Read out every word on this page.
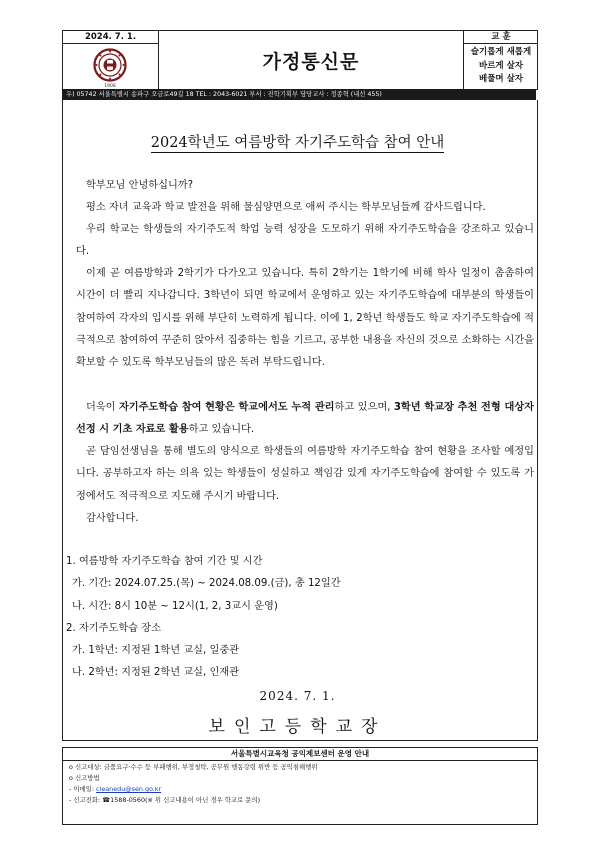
2024. 7. 1.
1908
가정통신문
교 훈
슬기롭게 새롭게
바르게 살자
베풀며 살자
우) 05742 서울특별시 송파구 오금로49길 18 TEL : 2043-6021 부서 : 진학기획부 담당교사 : 정종혁 (내선 455)
2024학년도 여름방학 자기주도학습 참여 안내

학부모님 안녕하십니까?

평소 자녀 교육과 학교 발전을 위해 물심양면으로 애써 주시는 학부모님들께 감사드립니다.

우리 학교는 학생들의 자기주도적 학업 능력 성장을 도모하기 위해 자기주도학습을 강조하고 있습니다.

이제 곧 여름방학과 2학기가 다가오고 있습니다. 특히 2학기는 1학기에 비해 학사 일정이 촘촘하여 시간이 더 빨리 지나갑니다. 3학년이 되면 학교에서 운영하고 있는 자기주도학습에 대부분의 학생들이 참여하여 각자의 입시를 위해 부단히 노력하게 됩니다. 이에 1, 2학년 학생들도 학교 자기주도학습에 적극적으로 참여하여 꾸준히 앉아서 집중하는 힘을 기르고, 공부한 내용을 자신의 것으로 소화하는 시간을 확보할 수 있도록 학부모님들의 많은 독려 부탁드립니다.

더욱이 자기주도학습 참여 현황은 학교에서도 누적 관리하고 있으며, 3학년 학교장 추천 전형 대상자 선정 시 기초 자료로 활용하고 있습니다.

곧 담임선생님을 통해 별도의 양식으로 학생들의 여름방학 자기주도학습 참여 현황을 조사할 예정입니다. 공부하고자 하는 의욕 있는 학생들이 성실하고 책임감 있게 자기주도학습에 참여할 수 있도록 가정에서도 적극적으로 지도해 주시기 바랍니다.

감사합니다.

1. 여름방학 자기주도학습 참여 기간 및 시간
가. 기간: 2024.07.25.(목) ~ 2024.08.09.(금), 총 12일간
나. 시간: 8시 10분 ~ 12시(1, 2, 3교시 운영)
2. 자기주도학습 장소
가. 1학년: 지정된 1학년 교실, 일중관
나. 2학년: 지정된 2학년 교실, 인재관
2024. 7. 1.
보인고등학교장
서울특별시교육청 공익제보센터 운영 안내
o 신고대상: 금품요구·수수 등 부패행위, 부정청탁, 공무원 행동강령 위반 등 공익침해행위
o 신고방법
- 이메일: cleanedu@sen.go.kr
- 신고전화: ☎1588-0560(※ 위 신고내용이 아닌 경우 학교로 문의)
